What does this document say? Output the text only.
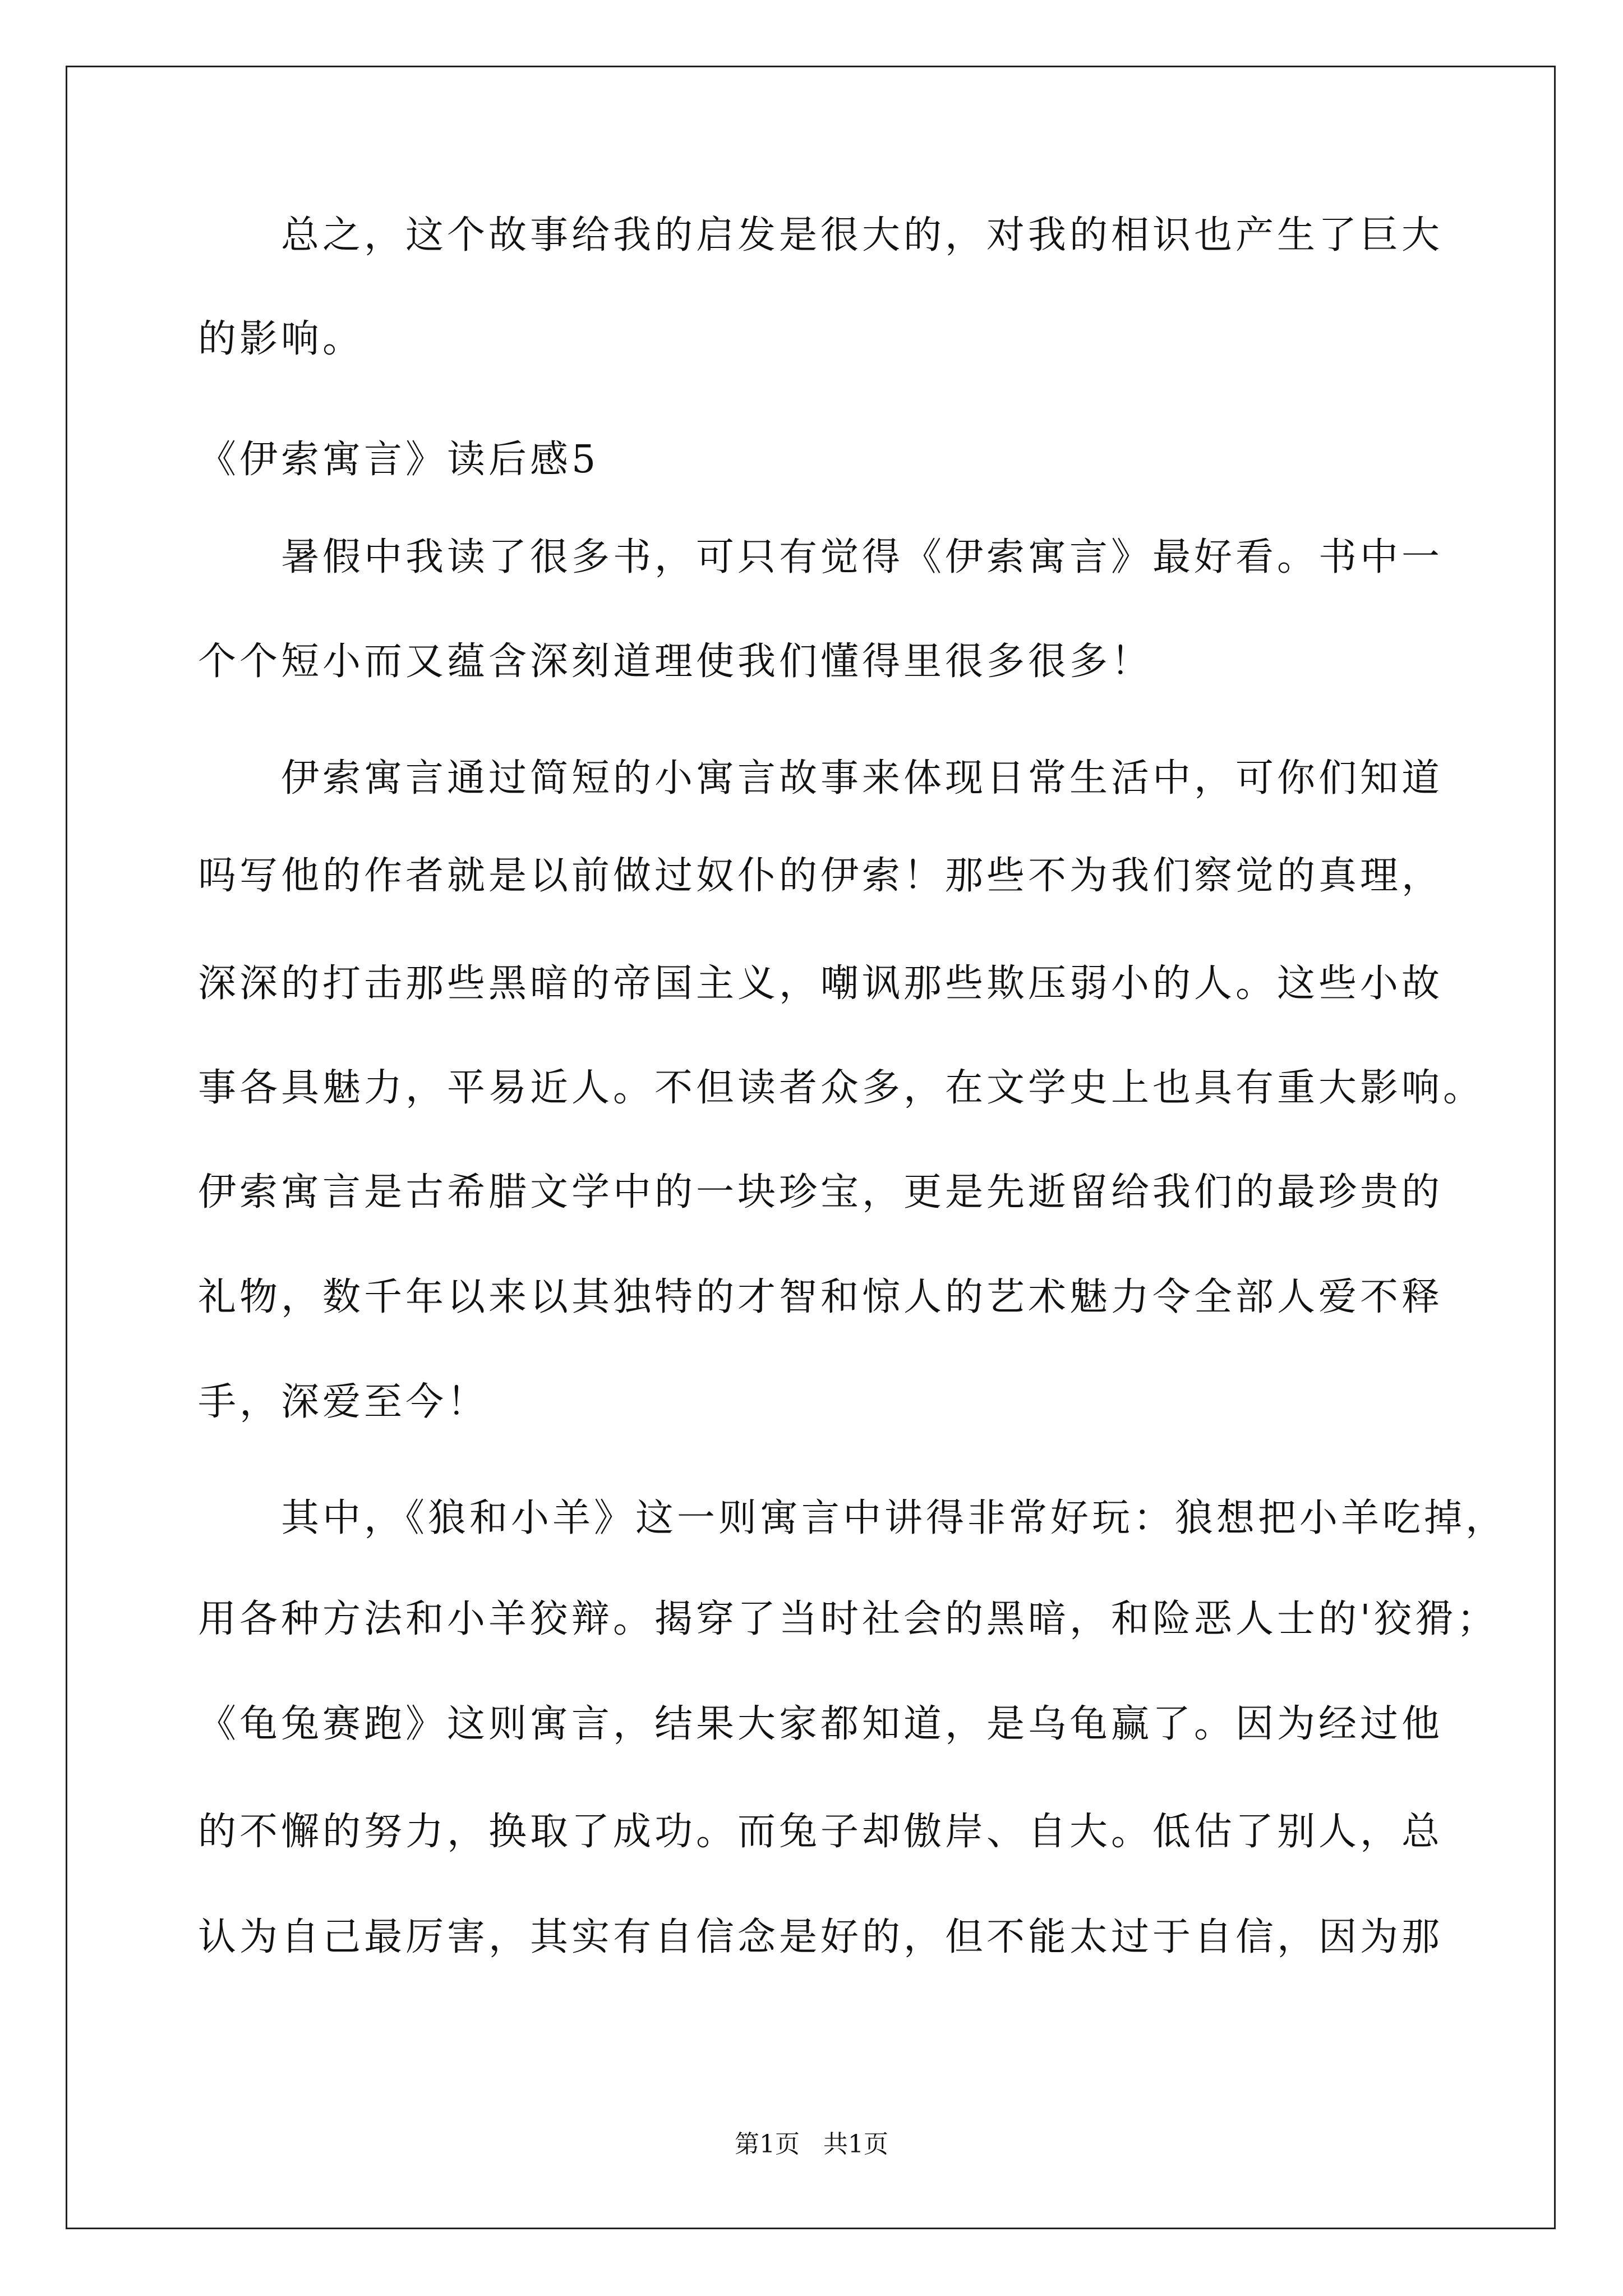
总之，这个故事给我的启发是很大的，对我的相识也产生了巨大
的影响。
《伊索寓言》读后感5
暑假中我读了很多书，可只有觉得《伊索寓言》最好看。书中一
个个短小而又蕴含深刻道理使我们懂得里很多很多！
伊索寓言通过简短的小寓言故事来体现日常生活中，可你们知道
吗写他的作者就是以前做过奴仆的伊索！那些不为我们察觉的真理，
深深的打击那些黑暗的帝国主义，嘲讽那些欺压弱小的人。这些小故
事各具魅力，平易近人。不但读者众多，在文学史上也具有重大影响。
伊索寓言是古希腊文学中的一块珍宝，更是先逝留给我们的最珍贵的
礼物，数千年以来以其独特的才智和惊人的艺术魅力令全部人爱不释
手，深爱至今！
其中，《狼和小羊》这一则寓言中讲得非常好玩：狼想把小羊吃掉，
用各种方法和小羊狡辩。揭穿了当时社会的黑暗，和险恶人士的'狡猾；
《龟兔赛跑》这则寓言，结果大家都知道，是乌龟赢了。因为经过他
的不懈的努力，换取了成功。而兔子却傲岸、自大。低估了别人，总
认为自己最厉害，其实有自信念是好的，但不能太过于自信，因为那
第1页   共1页
